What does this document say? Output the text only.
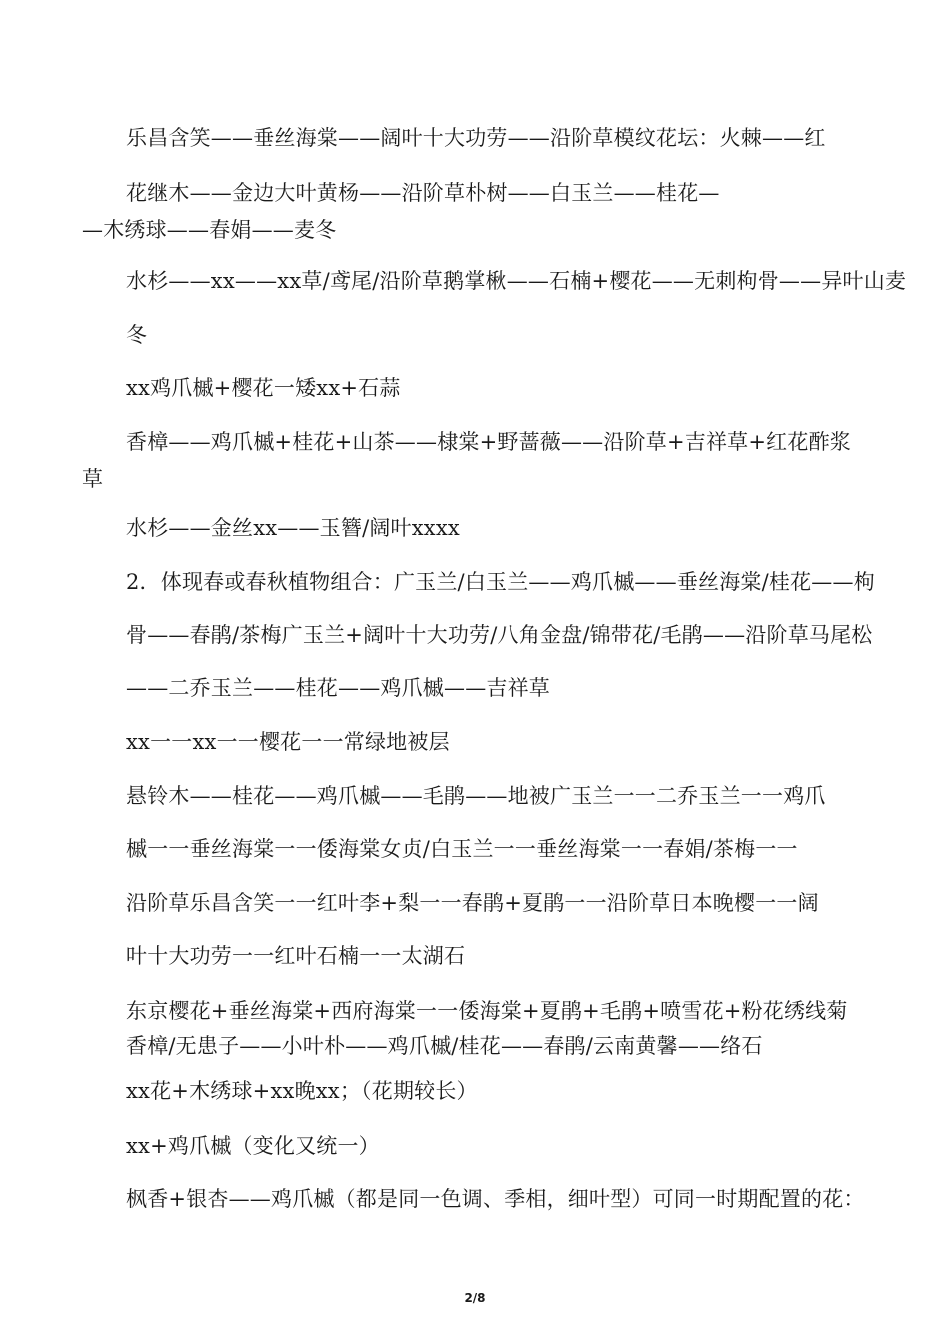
乐昌含笑——垂丝海棠——阔叶十大功劳——沿阶草模纹花坛：火棘——红
花继木——金边大叶黄杨——沿阶草朴树——白玉兰——桂花—
—木绣球——春娟——麦冬
水杉——xx——xx草/鸢尾/沿阶草鹅掌楸——石楠+樱花——无刺枸骨——异叶山麦
冬
xx鸡爪槭+樱花一矮xx+石蒜
香樟——鸡爪槭+桂花+山茶——棣棠+野蔷薇——沿阶草+吉祥草+红花酢浆
草
水杉——金丝xx——玉簪/阔叶xxxx
2．体现春或春秋植物组合：广玉兰/白玉兰——鸡爪槭——垂丝海棠/桂花——枸
骨——春鹃/茶梅广玉兰+阔叶十大功劳/八角金盘/锦带花/毛鹃——沿阶草马尾松
——二乔玉兰——桂花——鸡爪槭——吉祥草
xx一一xx一一樱花一一常绿地被层
悬铃木——桂花——鸡爪槭——毛鹃——地被广玉兰一一二乔玉兰一一鸡爪
槭一一垂丝海棠一一倭海棠女贞/白玉兰一一垂丝海棠一一春娟/茶梅一一
沿阶草乐昌含笑一一红叶李+梨一一春鹃+夏鹃一一沿阶草日本晚樱一一阔
叶十大功劳一一红叶石楠一一太湖石
东京樱花+垂丝海棠+西府海棠一一倭海棠+夏鹃+毛鹃+喷雪花+粉花绣线菊
香樟/无患子——小叶朴——鸡爪槭/桂花——春鹃/云南黄馨——络石
xx花+木绣球+xx晚xx；（花期较长）
xx+鸡爪槭（变化又统一）
枫香+银杏——鸡爪槭（都是同一色调、季相，细叶型）可同一时期配置的花：
2/8
